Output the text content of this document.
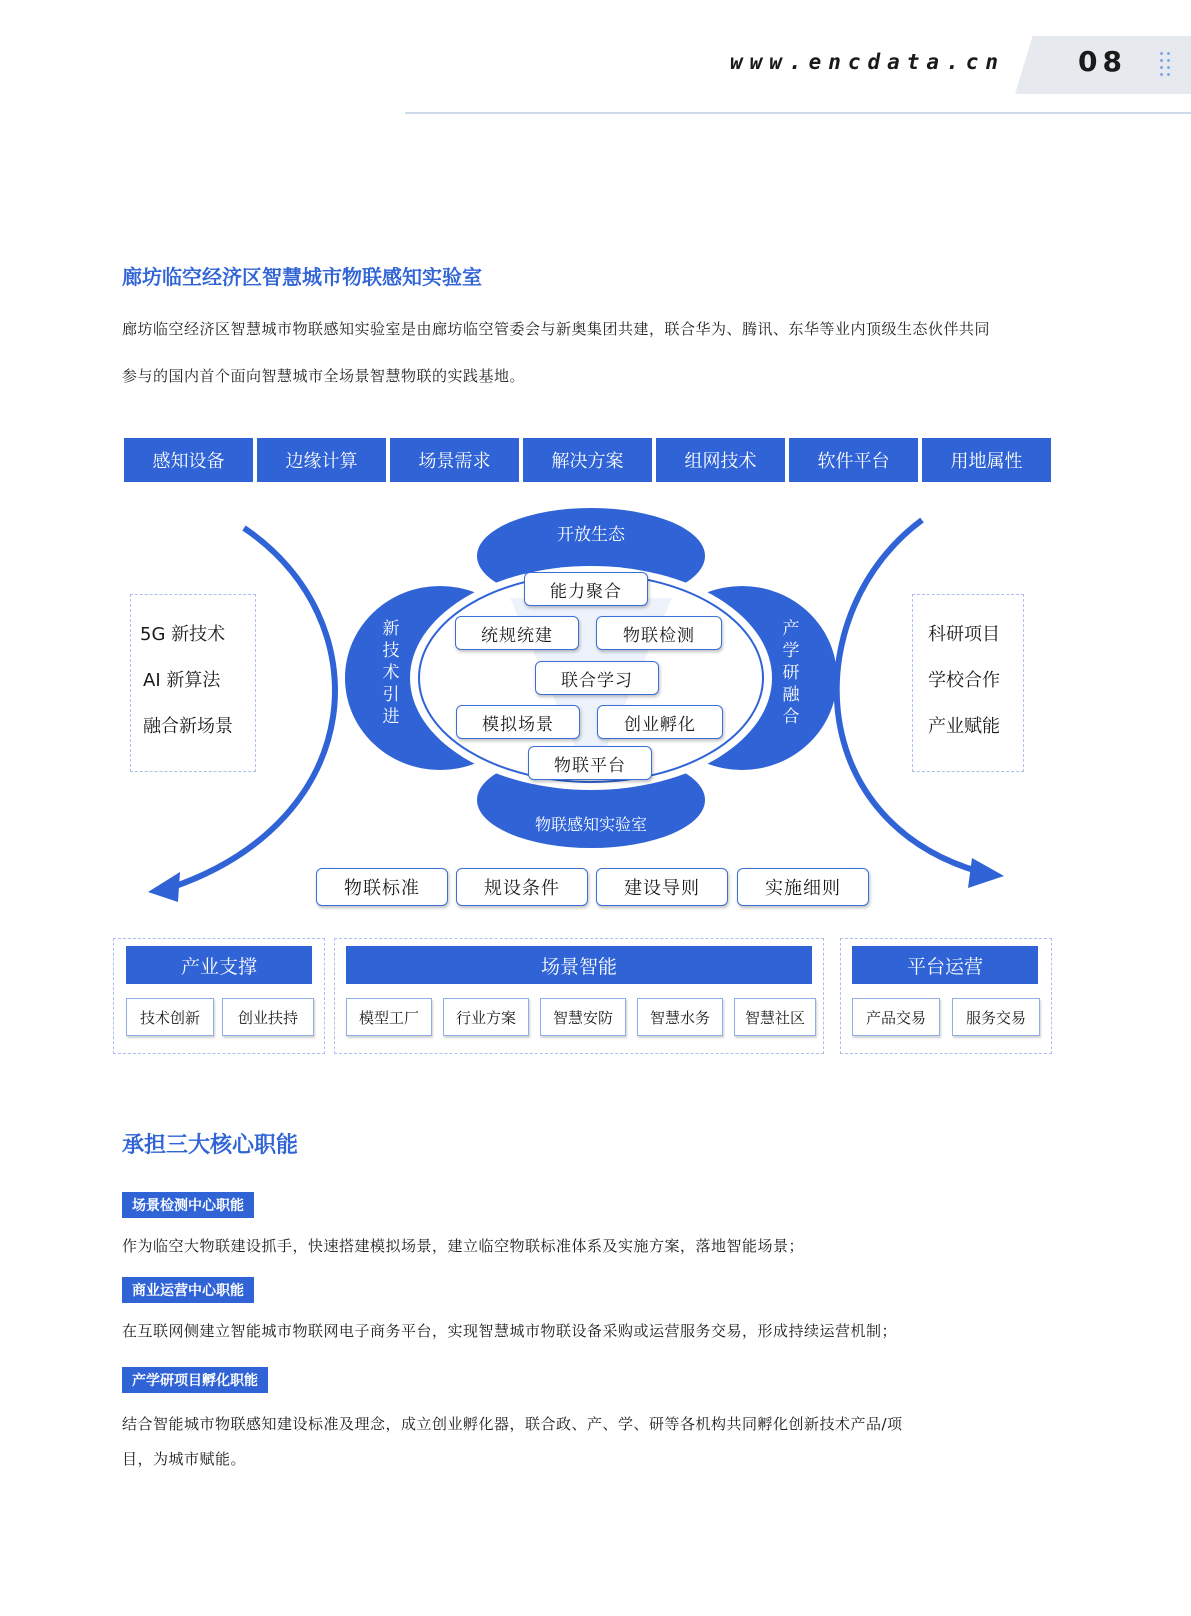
www.encdata.cn	08
廊坊临空经济区智慧城市物联感知实验室
廊坊临空经济区智慧城市物联感知实验室是由廊坊临空管委会与新奥集团共建，联合华为、腾讯、东华等业内顶级生态伙伴共同
参与的国内首个面向智慧城市全场景智慧物联的实践基地。
感知设备	边缘计算	场景需求	解决方案	组网技术	软件平台	用地属性
开放生态
物联感知实验室
新
技
术
引
进
产
学
研
融
合
能力聚合
统规统建	物联检测
联合学习
模拟场景	创业孵化
物联平台
5G 新技术
AI 新算法
融合新场景
科研项目
学校合作
产业赋能
物联标准	规设条件	建设导则	实施细则
产业支撑
技术创新	创业扶持
场景智能
模型工厂	行业方案	智慧安防	智慧水务	智慧社区
平台运营
产品交易	服务交易
承担三大核心职能
场景检测中心职能
作为临空大物联建设抓手，快速搭建模拟场景，建立临空物联标准体系及实施方案，落地智能场景；
商业运营中心职能
在互联网侧建立智能城市物联网电子商务平台，实现智慧城市物联设备采购或运营服务交易，形成持续运营机制；
产学研项目孵化职能
结合智能城市物联感知建设标准及理念，成立创业孵化器，联合政、产、学、研等各机构共同孵化创新技术产品/项
目，为城市赋能。
